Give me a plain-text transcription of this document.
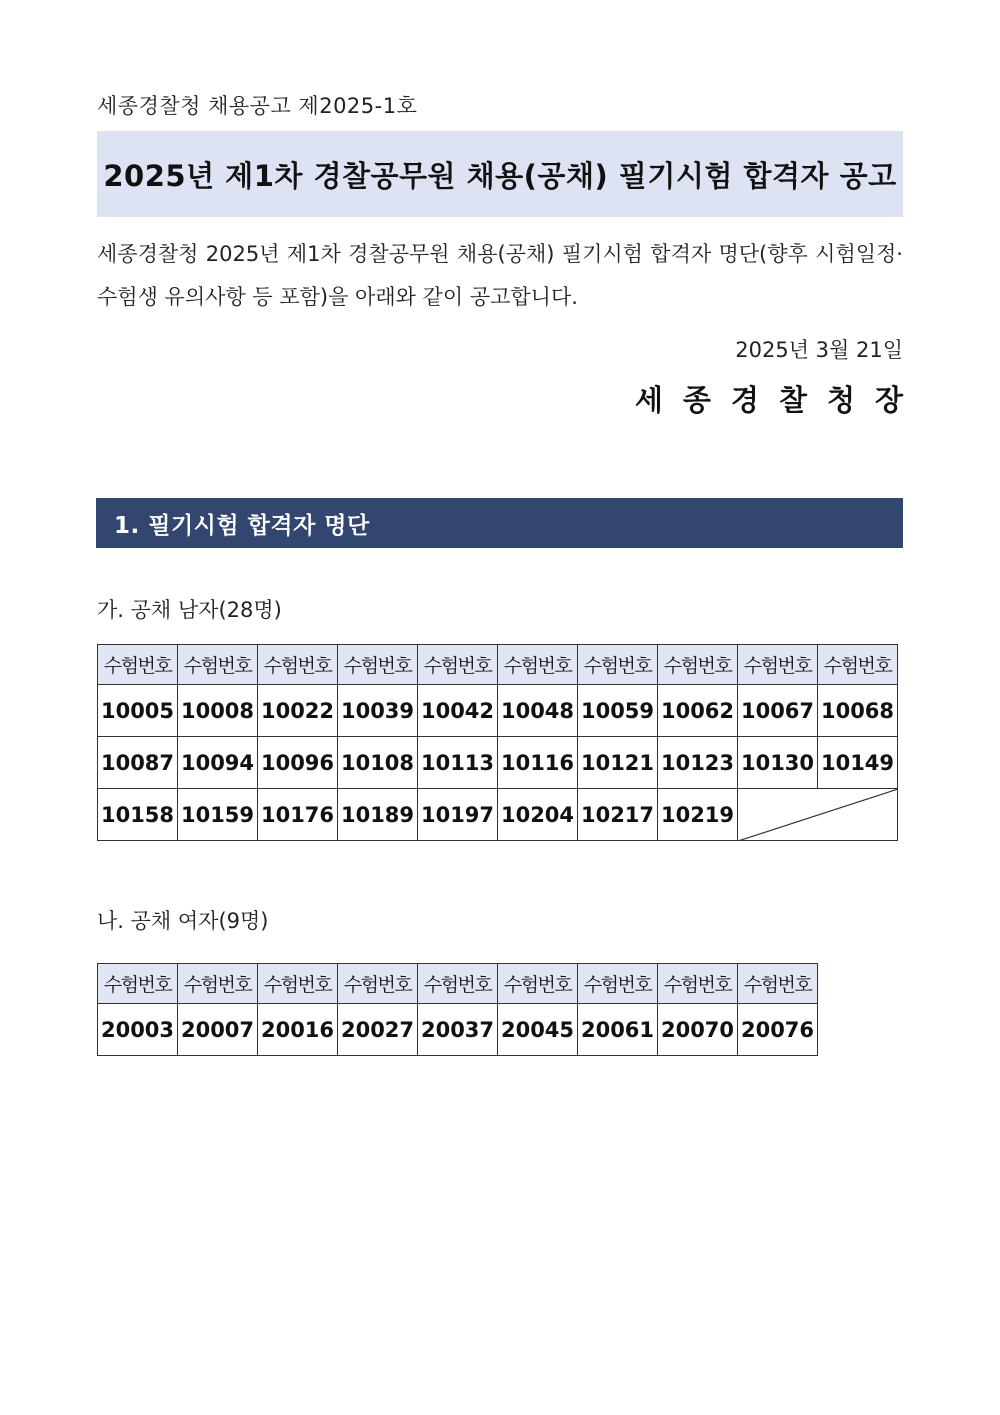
세종경찰청 채용공고 제2025-1호
2025년 제1차 경찰공무원 채용(공채) 필기시험 합격자 공고
세종경찰청 2025년 제1차 경찰공무원 채용(공채) 필기시험 합격자 명단(향후 시험일정·수험생 유의사항 등 포함)을 아래와 같이 공고합니다.
2025년 3월 21일
세종경찰청장
1. 필기시험 합격자 명단
가. 공채 남자(28명)
수험번호	수험번호	수험번호	수험번호	수험번호	수험번호	수험번호	수험번호	수험번호	수험번호
10005	10008	10022	10039	10042	10048	10059	10062	10067	10068
10087	10094	10096	10108	10113	10116	10121	10123	10130	10149
10158	10159	10176	10189	10197	10204	10217	10219	
나. 공채 여자(9명)
수험번호	수험번호	수험번호	수험번호	수험번호	수험번호	수험번호	수험번호	수험번호
20003	20007	20016	20027	20037	20045	20061	20070	20076
